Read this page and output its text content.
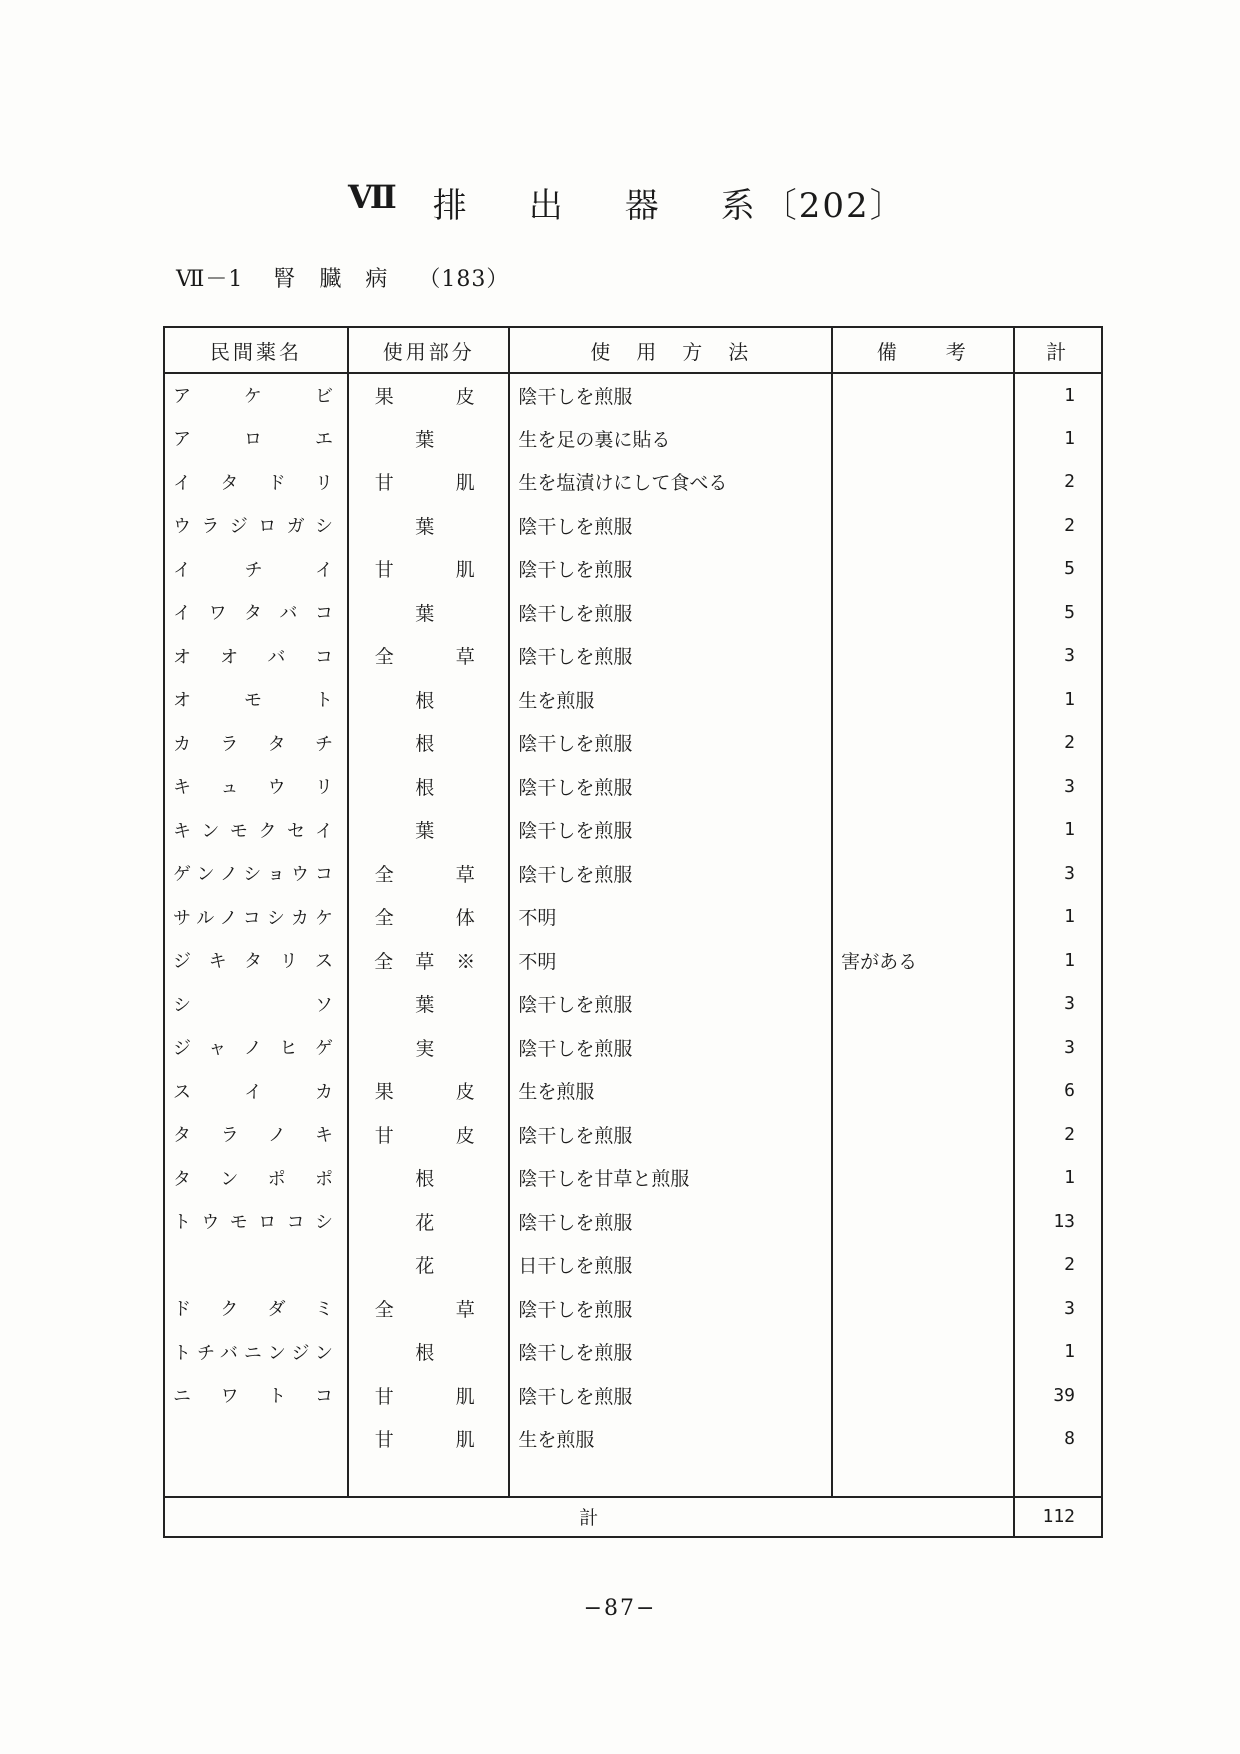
Ⅶ 排 出 器 系 〔202〕
Ⅶ－1 腎　臓　病 （183）
民間薬名	使用部分	使　用　方　法	備　　考	計
アケビ	果　　皮	陰干しを煎服		1
アロエ	葉	生を足の裏に貼る		1
イタドリ	甘　　肌	生を塩漬けにして食べる		2
ウラジロガシ	葉	陰干しを煎服		2
イチイ	甘　　肌	陰干しを煎服		5
イワタバコ	葉	陰干しを煎服		5
オオバコ	全　　草	陰干しを煎服		3
オモト	根	生を煎服		1
カラタチ	根	陰干しを煎服		2
キュウリ	根	陰干しを煎服		3
キンモクセイ	葉	陰干しを煎服		1
ゲンノショウコ	全　　草	陰干しを煎服		3
サルノコシカケ	全　　体	不明		1
ジキタリス	全 草 ※	不明	害がある	1
シソ	葉	陰干しを煎服		3
ジャノヒゲ	実	陰干しを煎服		3
スイカ	果　　皮	生を煎服		6
タラノキ	甘　　皮	陰干しを煎服		2
タンポポ	根	陰干しを甘草と煎服		1
トウモロコシ	花	陰干しを煎服		13
	花	日干しを煎服		2
ドクダミ	全　　草	陰干しを煎服		3
トチバニンジン	根	陰干しを煎服		1
ニワトコ	甘　　肌	陰干しを煎服		39
	甘　　肌	生を煎服		8

計				112
−87−
